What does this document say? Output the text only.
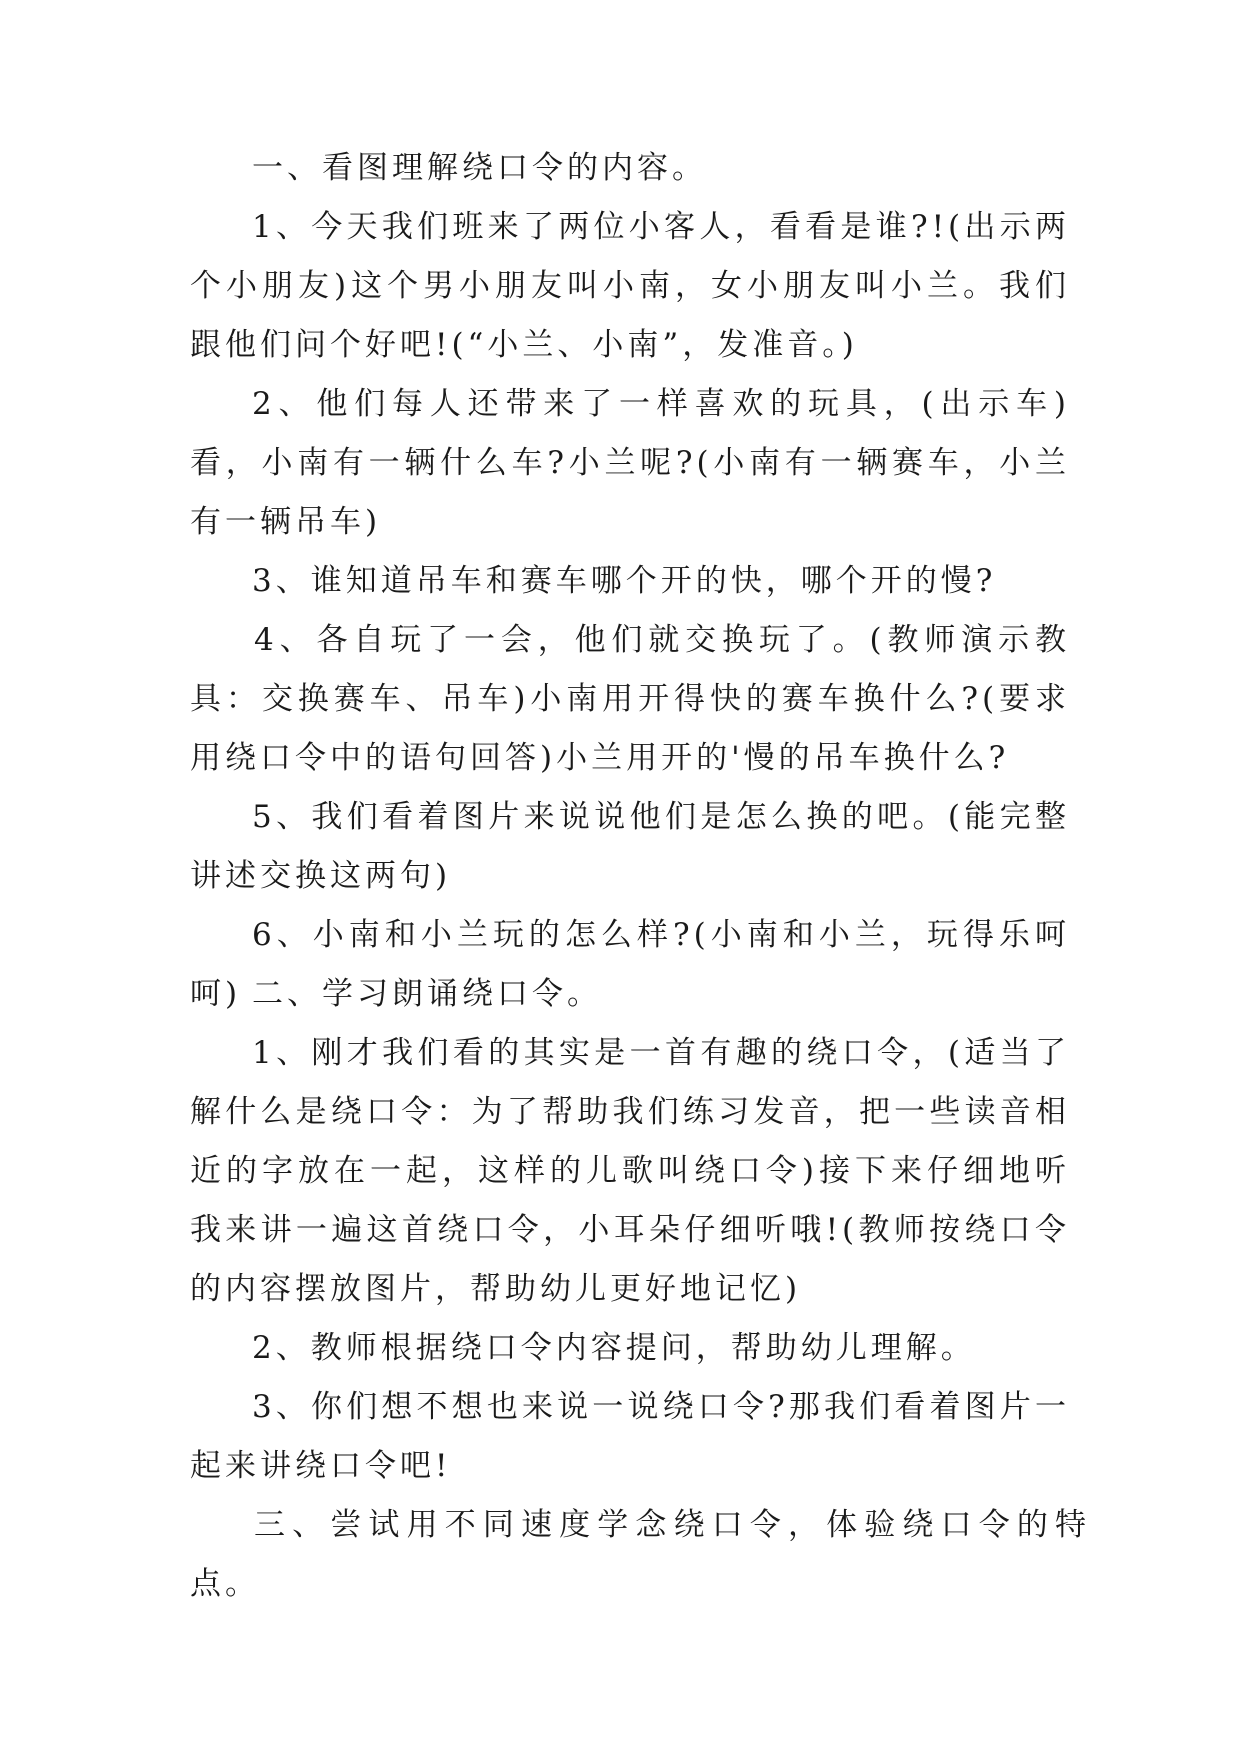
一、看图理解绕口令的内容。

1、今天我们班来了两位小客人，看看是谁?!(出示两个小朋友)这个男小朋友叫小南，女小朋友叫小兰。我们跟他们问个好吧!(“小兰、小南”，发准音。)

2、他们每人还带来了一样喜欢的玩具，(出示车)看，小南有一辆什么车?小兰呢?(小南有一辆赛车，小兰有一辆吊车)

3、谁知道吊车和赛车哪个开的快，哪个开的慢?

4、各自玩了一会，他们就交换玩了。(教师演示教具：交换赛车、吊车)小南用开得快的赛车换什么?(要求用绕口令中的语句回答)小兰用开的'慢的吊车换什么?

5、我们看着图片来说说他们是怎么换的吧。(能完整讲述交换这两句)

6、小南和小兰玩的怎么样?(小南和小兰，玩得乐呵呵) 二、学习朗诵绕口令。

1、刚才我们看的其实是一首有趣的绕口令，(适当了解什么是绕口令：为了帮助我们练习发音，把一些读音相近的字放在一起，这样的儿歌叫绕口令)接下来仔细地听我来讲一遍这首绕口令，小耳朵仔细听哦!(教师按绕口令的内容摆放图片，帮助幼儿更好地记忆)

2、教师根据绕口令内容提问，帮助幼儿理解。

3、你们想不想也来说一说绕口令?那我们看着图片一起来讲绕口令吧!

三、尝试用不同速度学念绕口令，体验绕口令的特点。
